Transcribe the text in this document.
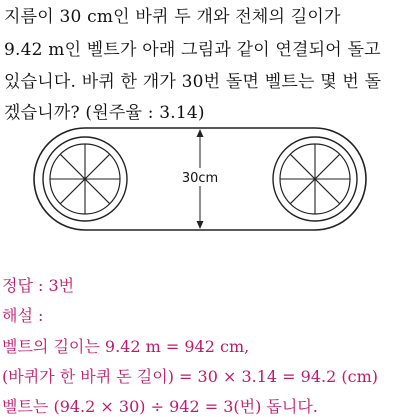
지름이 30 cm인 바퀴 두 개와 전체의 길이가
9.42 m인 벨트가 아래 그림과 같이 연결되어 돌고
있습니다. 바퀴 한 개가 30번 돌면 벨트는 몇 번 돌
겠습니까? (원주율 : 3.14)
30cm
정답 : 3번
해설 :
벨트의 길이는 9.42 m = 942 cm,
(바퀴가 한 바퀴 돈 길이) = 30 × 3.14 = 94.2 (cm)
벨트는 (94.2 × 30) ÷ 942 = 3(번) 돕니다.
